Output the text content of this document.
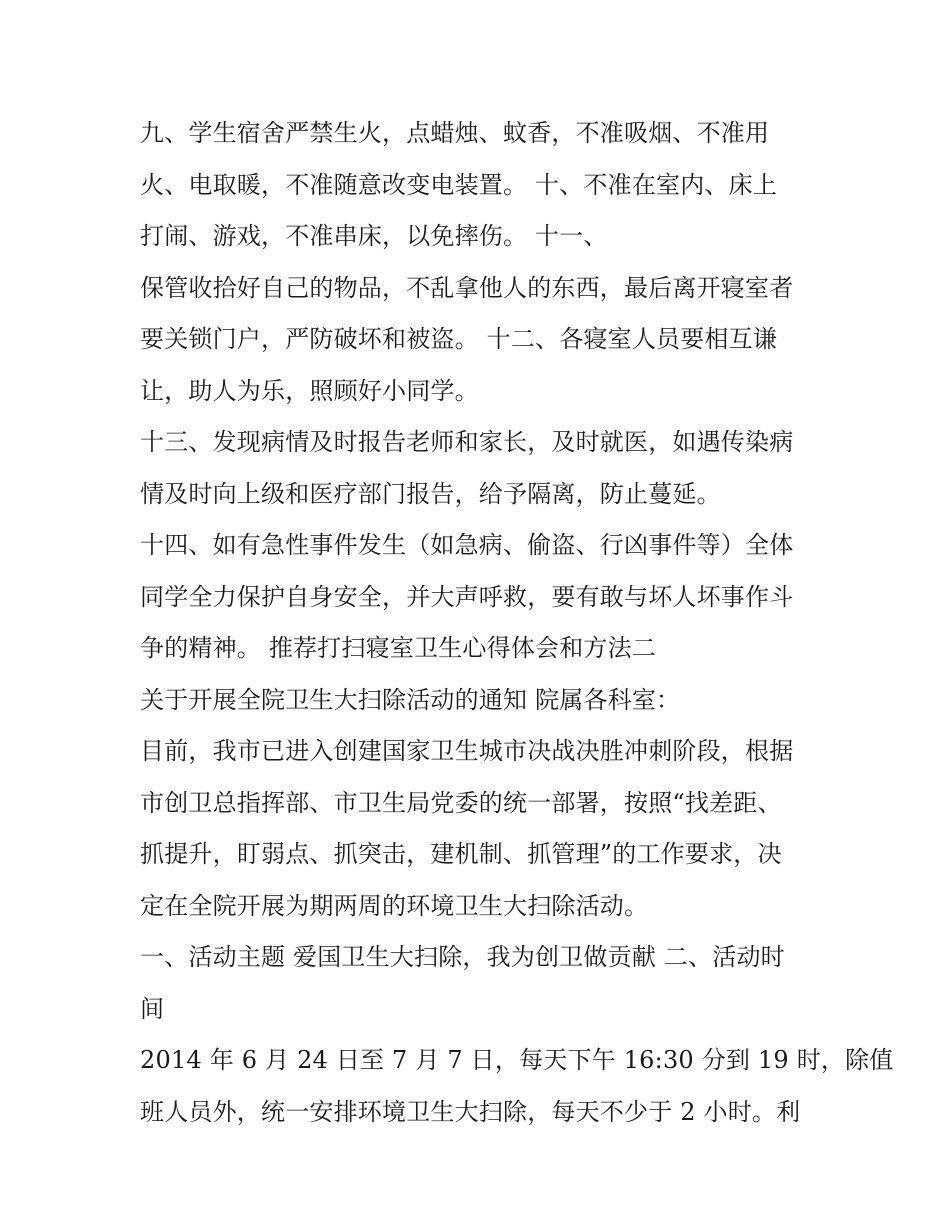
九、学生宿舍严禁生火，点蜡烛、蚊香，不准吸烟、不准用
火、电取暖，不准随意改变电装置。 十、不准在室内、床上
打闹、游戏，不准串床，以免摔伤。 十一、
保管收拾好自己的物品，不乱拿他人的东西，最后离开寝室者
要关锁门户，严防破坏和被盗。 十二、各寝室人员要相互谦
让，助人为乐，照顾好小同学。
十三、发现病情及时报告老师和家长，及时就医，如遇传染病
情及时向上级和医疗部门报告，给予隔离，防止蔓延。
十四、如有急性事件发生（如急病、偷盗、行凶事件等）全体
同学全力保护自身安全，并大声呼救，要有敢与坏人坏事作斗
争的精神。 推荐打扫寝室卫生心得体会和方法二
关于开展全院卫生大扫除活动的通知 院属各科室：
目前，我市已进入创建国家卫生城市决战决胜冲刺阶段，根据
市创卫总指挥部、市卫生局党委的统一部署，按照“找差距、
抓提升，盯弱点、抓突击，建机制、抓管理”的工作要求，决
定在全院开展为期两周的环境卫生大扫除活动。
一、活动主题 爱国卫生大扫除，我为创卫做贡献 二、活动时
间
2014 年 6 月 24 日至 7 月 7 日，每天下午 16:30 分到 19 时，除值
班人员外，统一安排环境卫生大扫除，每天不少于 2 小时。利
